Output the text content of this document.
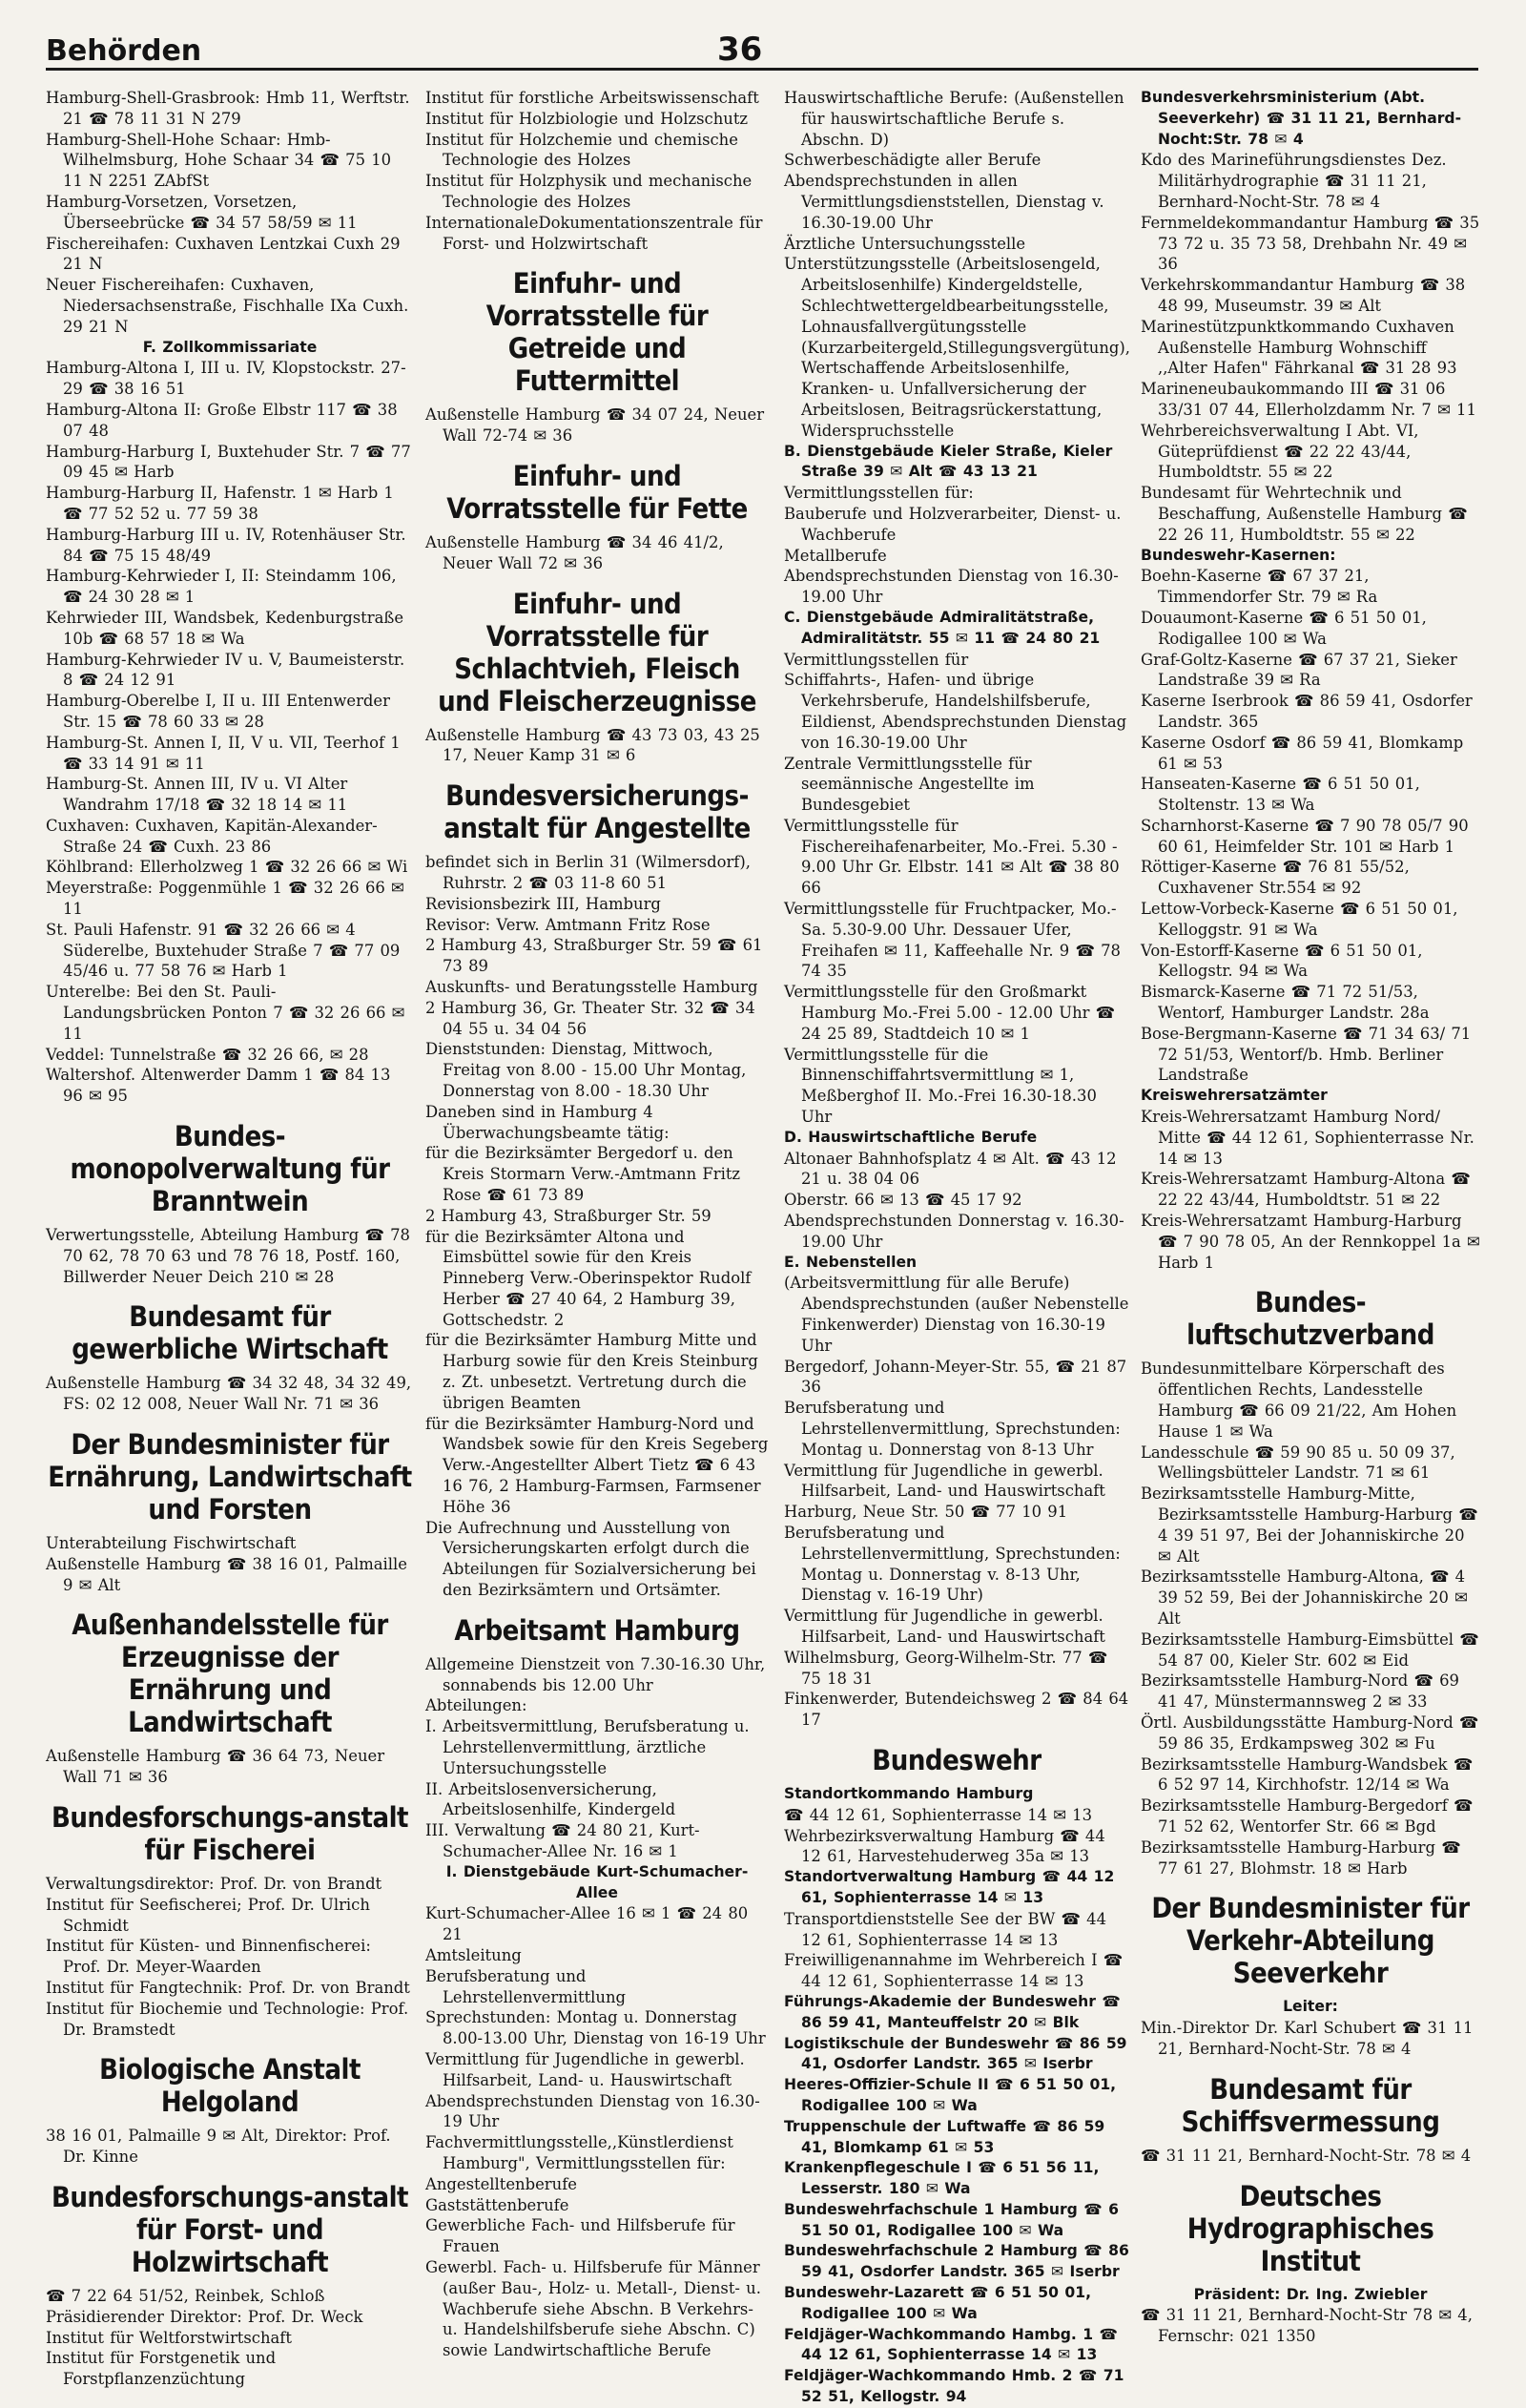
Behörden	36
Hamburg-Shell-Grasbrook: Hmb 11, Werftstr. 21 ☎ 78 11 31 N 279
Hamburg-Shell-Hohe Schaar: Hmb-Wilhelmsburg, Hohe Schaar 34 ☎ 75 10 11 N 2251 ZAbfSt
Hamburg-Vorsetzen, Vorsetzen, Überseebrücke ☎ 34 57 58/59 ✉ 11
Fischereihafen: Cuxhaven Lentzkai Cuxh 29 21 N
Neuer Fischereihafen: Cuxhaven, Niedersachsenstraße, Fischhalle IXa Cuxh. 29 21 N
F. Zollkommissariate
Hamburg-Altona I, III u. IV, Klopstockstr. 27-29 ☎ 38 16 51
Hamburg-Altona II: Große Elbstr 117 ☎ 38 07 48
Hamburg-Harburg I, Buxtehuder Str. 7 ☎ 77 09 45 ✉ Harb
Hamburg-Harburg II, Hafenstr. 1 ✉ Harb 1 ☎ 77 52 52 u. 77 59 38
Hamburg-Harburg III u. IV, Rotenhäuser Str. 84 ☎ 75 15 48/49
Hamburg-Kehrwieder I, II: Steindamm 106, ☎ 24 30 28 ✉ 1
Kehrwieder III, Wandsbek, Kedenburgstraße 10b ☎ 68 57 18 ✉ Wa
Hamburg-Kehrwieder IV u. V, Baumeisterstr. 8 ☎ 24 12 91
Hamburg-Oberelbe I, II u. III Entenwerder Str. 15 ☎ 78 60 33 ✉ 28
Hamburg-St. Annen I, II, V u. VII, Teerhof 1 ☎ 33 14 91 ✉ 11
Hamburg-St. Annen III, IV u. VI Alter Wandrahm 17/18 ☎ 32 18 14 ✉ 11
Cuxhaven: Cuxhaven, Kapitän-Alexander-Straße 24 ☎ Cuxh. 23 86
Köhlbrand: Ellerholzweg 1 ☎ 32 26 66 ✉ Wi
Meyerstraße: Poggenmühle 1 ☎ 32 26 66 ✉ 11
St. Pauli Hafenstr. 91 ☎ 32 26 66 ✉ 4 Süderelbe, Buxtehuder Straße 7 ☎ 77 09 45/46 u. 77 58 76 ✉ Harb 1
Unterelbe: Bei den St. Pauli-Landungsbrücken Ponton 7 ☎ 32 26 66 ✉ 11
Veddel: Tunnelstraße ☎ 32 26 66, ✉ 28
Waltershof. Altenwerder Damm 1 ☎ 84 13 96 ✉ 95
Bundes-monopolverwaltung für Branntwein
Verwertungsstelle, Abteilung Hamburg ☎ 78 70 62, 78 70 63 und 78 76 18, Postf. 160, Billwerder Neuer Deich 210 ✉ 28
Bundesamt für gewerbliche Wirtschaft
Außenstelle Hamburg ☎ 34 32 48, 34 32 49, FS: 02 12 008, Neuer Wall Nr. 71 ✉ 36
Der Bundesminister für Ernährung, Landwirtschaft und Forsten
Unterabteilung Fischwirtschaft
Außenstelle Hamburg ☎ 38 16 01, Palmaille 9 ✉ Alt
Außenhandelsstelle für Erzeugnisse der Ernährung und Landwirtschaft
Außenstelle Hamburg ☎ 36 64 73, Neuer Wall 71 ✉ 36
Bundesforschungs-anstalt für Fischerei
Verwaltungsdirektor: Prof. Dr. von Brandt
Institut für Seefischerei; Prof. Dr. Ulrich Schmidt
Institut für Küsten- und Binnenfischerei: Prof. Dr. Meyer-Waarden
Institut für Fangtechnik: Prof. Dr. von Brandt
Institut für Biochemie und Technologie: Prof. Dr. Bramstedt
Biologische Anstalt Helgoland
38 16 01, Palmaille 9 ✉ Alt, Direktor: Prof. Dr. Kinne
Bundesforschungs-anstalt für Forst- und Holzwirtschaft
☎ 7 22 64 51/52, Reinbek, Schloß
Präsidierender Direktor: Prof. Dr. Weck
Institut für Weltforstwirtschaft
Institut für Forstgenetik und Forstpflanzenzüchtung
Institut für forstliche Arbeitswissenschaft
Institut für Holzbiologie und Holzschutz
Institut für Holzchemie und chemische Technologie des Holzes
Institut für Holzphysik und mechanische Technologie des Holzes
InternationaleDokumentationszentrale für Forst- und Holzwirtschaft
Einfuhr- und Vorratsstelle für Getreide und Futtermittel
Außenstelle Hamburg ☎ 34 07 24, Neuer Wall 72-74 ✉ 36
Einfuhr- und Vorratsstelle für Fette
Außenstelle Hamburg ☎ 34 46 41/2, Neuer Wall 72 ✉ 36
Einfuhr- und Vorratsstelle für Schlachtvieh, Fleisch und Fleischerzeugnisse
Außenstelle Hamburg ☎ 43 73 03, 43 25 17, Neuer Kamp 31 ✉ 6
Bundesversicherungs-anstalt für Angestellte
befindet sich in Berlin 31 (Wilmersdorf), Ruhrstr. 2 ☎ 03 11-8 60 51
Revisionsbezirk III, Hamburg
Revisor: Verw. Amtmann Fritz Rose
2 Hamburg 43, Straßburger Str. 59 ☎ 61 73 89
Auskunfts- und Beratungsstelle Hamburg
2 Hamburg 36, Gr. Theater Str. 32 ☎ 34 04 55 u. 34 04 56
Dienststunden: Dienstag, Mittwoch, Freitag von 8.00 - 15.00 Uhr Montag, Donnerstag von 8.00 - 18.30 Uhr
Daneben sind in Hamburg 4 Überwachungsbeamte tätig:
für die Bezirksämter Bergedorf u. den Kreis Stormarn Verw.-Amtmann Fritz Rose ☎ 61 73 89
2 Hamburg 43, Straßburger Str. 59
für die Bezirksämter Altona und Eimsbüttel sowie für den Kreis Pinneberg Verw.-Oberinspektor Rudolf Herber ☎ 27 40 64, 2 Hamburg 39, Gottschedstr. 2
für die Bezirksämter Hamburg Mitte und Harburg sowie für den Kreis Steinburg z. Zt. unbesetzt. Vertretung durch die übrigen Beamten
für die Bezirksämter Hamburg-Nord und Wandsbek sowie für den Kreis Segeberg Verw.-Angestellter Albert Tietz ☎ 6 43 16 76, 2 Hamburg-Farmsen, Farmsener Höhe 36
Die Aufrechnung und Ausstellung von Versicherungskarten erfolgt durch die Abteilungen für Sozialversicherung bei den Bezirksämtern und Ortsämter.
Arbeitsamt Hamburg
Allgemeine Dienstzeit von 7.30-16.30 Uhr, sonnabends bis 12.00 Uhr
Abteilungen:
I. Arbeitsvermittlung, Berufsberatung u. Lehrstellenvermittlung, ärztliche Untersuchungsstelle
II. Arbeitslosenversicherung, Arbeitslosenhilfe, Kindergeld
III. Verwaltung ☎ 24 80 21, Kurt-Schumacher-Allee Nr. 16 ✉ 1
I. Dienstgebäude Kurt-Schumacher-Allee
Kurt-Schumacher-Allee 16 ✉ 1 ☎ 24 80 21
Amtsleitung
Berufsberatung und Lehrstellenvermittlung
Sprechstunden: Montag u. Donnerstag 8.00-13.00 Uhr, Dienstag von 16-19 Uhr
Vermittlung für Jugendliche in gewerbl. Hilfsarbeit, Land- u. Hauswirtschaft
Abendsprechstunden Dienstag von 16.30-19 Uhr
Fachvermittlungsstelle,,Künstlerdienst Hamburg", Vermittlungsstellen für:
Angestelltenberufe
Gaststättenberufe
Gewerbliche Fach- und Hilfsberufe für Frauen
Gewerbl. Fach- u. Hilfsberufe für Männer (außer Bau-, Holz- u. Metall-, Dienst- u. Wachberufe siehe Abschn. B Verkehrs- u. Handelshilfsberufe siehe Abschn. C) sowie Landwirtschaftliche Berufe
Hauswirtschaftliche Berufe: (Außenstellen für hauswirtschaftliche Berufe s. Abschn. D)
Schwerbeschädigte aller Berufe
Abendsprechstunden in allen Vermittlungsdienststellen, Dienstag v. 16.30-19.00 Uhr
Ärztliche Untersuchungsstelle
Unterstützungsstelle (Arbeitslosengeld, Arbeitslosenhilfe) Kindergeldstelle, Schlechtwettergeldbearbeitungsstelle, Lohnausfallvergütungsstelle (Kurzarbeitergeld,Stillegungsvergütung), Wertschaffende Arbeitslosenhilfe, Kranken- u. Unfallversicherung der Arbeitslosen, Beitragsrückerstattung, Widerspruchsstelle
B. Dienstgebäude Kieler Straße, Kieler Straße 39 ✉ Alt ☎ 43 13 21
Vermittlungsstellen für:
Bauberufe und Holzverarbeiter, Dienst- u. Wachberufe
Metallberufe
Abendsprechstunden Dienstag von 16.30-19.00 Uhr
C. Dienstgebäude Admiralitätstraße, Admiralitätstr. 55 ✉ 11 ☎ 24 80 21
Vermittlungsstellen für
Schiffahrts-, Hafen- und übrige Verkehrsberufe, Handelshilfsberufe, Eildienst, Abendsprechstunden Dienstag von 16.30-19.00 Uhr
Zentrale Vermittlungsstelle für seemännische Angestellte im Bundesgebiet
Vermittlungsstelle für Fischereihafenarbeiter, Mo.-Frei. 5.30 - 9.00 Uhr Gr. Elbstr. 141 ✉ Alt ☎ 38 80 66
Vermittlungsstelle für Fruchtpacker, Mo.-Sa. 5.30-9.00 Uhr. Dessauer Ufer, Freihafen ✉ 11, Kaffeehalle Nr. 9 ☎ 78 74 35
Vermittlungsstelle für den Großmarkt Hamburg Mo.-Frei 5.00 - 12.00 Uhr ☎ 24 25 89, Stadtdeich 10 ✉ 1
Vermittlungsstelle für die Binnenschiffahrtsvermittlung ✉ 1, Meßberghof II. Mo.-Frei 16.30-18.30 Uhr
D. Hauswirtschaftliche Berufe
Altonaer Bahnhofsplatz 4 ✉ Alt. ☎ 43 12 21 u. 38 04 06
Oberstr. 66 ✉ 13 ☎ 45 17 92
Abendsprechstunden Donnerstag v. 16.30-19.00 Uhr
E. Nebenstellen
(Arbeitsvermittlung für alle Berufe) Abendsprechstunden (außer Nebenstelle Finkenwerder) Dienstag von 16.30-19 Uhr
Bergedorf, Johann-Meyer-Str. 55, ☎ 21 87 36
Berufsberatung und Lehrstellenvermittlung, Sprechstunden: Montag u. Donnerstag von 8-13 Uhr
Vermittlung für Jugendliche in gewerbl. Hilfsarbeit, Land- und Hauswirtschaft
Harburg, Neue Str. 50 ☎ 77 10 91
Berufsberatung und Lehrstellenvermittlung, Sprechstunden: Montag u. Donnerstag v. 8-13 Uhr, Dienstag v. 16-19 Uhr)
Vermittlung für Jugendliche in gewerbl. Hilfsarbeit, Land- und Hauswirtschaft
Wilhelmsburg, Georg-Wilhelm-Str. 77 ☎ 75 18 31
Finkenwerder, Butendeichsweg 2 ☎ 84 64 17
Bundeswehr
Standortkommando Hamburg
☎ 44 12 61, Sophienterrasse 14 ✉ 13
Wehrbezirksverwaltung Hamburg ☎ 44 12 61, Harvestehuderweg 35a ✉ 13
Standortverwaltung Hamburg ☎ 44 12 61, Sophienterrasse 14 ✉ 13
Transportdienststelle See der BW ☎ 44 12 61, Sophienterrasse 14 ✉ 13
Freiwilligenannahme im Wehrbereich I ☎ 44 12 61, Sophienterrasse 14 ✉ 13
Führungs-Akademie der Bundeswehr ☎ 86 59 41, Manteuffelstr 20 ✉ Blk
Logistikschule der Bundeswehr ☎ 86 59 41, Osdorfer Landstr. 365 ✉ Iserbr
Heeres-Offizier-Schule II ☎ 6 51 50 01, Rodigallee 100 ✉ Wa
Truppenschule der Luftwaffe ☎ 86 59 41, Blomkamp 61 ✉ 53
Krankenpflegeschule I ☎ 6 51 56 11, Lesserstr. 180 ✉ Wa
Bundeswehrfachschule 1 Hamburg ☎ 6 51 50 01, Rodigallee 100 ✉ Wa
Bundeswehrfachschule 2 Hamburg ☎ 86 59 41, Osdorfer Landstr. 365 ✉ Iserbr
Bundeswehr-Lazarett ☎ 6 51 50 01, Rodigallee 100 ✉ Wa
Feldjäger-Wachkommando Hambg. 1 ☎ 44 12 61, Sophienterrasse 14 ✉ 13
Feldjäger-Wachkommando Hmb. 2 ☎ 71 52 51, Kellogstr. 94
Bundesverkehrsministerium (Abt. Seeverkehr) ☎ 31 11 21, Bernhard-Nocht:Str. 78 ✉ 4
Kdo des Marineführungsdienstes Dez. Militärhydrographie ☎ 31 11 21, Bernhard-Nocht-Str. 78 ✉ 4
Fernmeldekommandantur Hamburg ☎ 35 73 72 u. 35 73 58, Drehbahn Nr. 49 ✉ 36
Verkehrskommandantur Hamburg ☎ 38 48 99, Museumstr. 39 ✉ Alt
Marinestützpunktkommando Cuxhaven Außenstelle Hamburg Wohnschiff ,,Alter Hafen" Fährkanal ☎ 31 28 93
Marineneubaukommando III ☎ 31 06 33/31 07 44, Ellerholzdamm Nr. 7 ✉ 11
Wehrbereichsverwaltung I Abt. VI, Güteprüfdienst ☎ 22 22 43/44, Humboldtstr. 55 ✉ 22
Bundesamt für Wehrtechnik und Beschaffung, Außenstelle Hamburg ☎ 22 26 11, Humboldtstr. 55 ✉ 22
Bundeswehr-Kasernen:
Boehn-Kaserne ☎ 67 37 21, Timmendorfer Str. 79 ✉ Ra
Douaumont-Kaserne ☎ 6 51 50 01, Rodigallee 100 ✉ Wa
Graf-Goltz-Kaserne ☎ 67 37 21, Sieker Landstraße 39 ✉ Ra
Kaserne Iserbrook ☎ 86 59 41, Osdorfer Landstr. 365
Kaserne Osdorf ☎ 86 59 41, Blomkamp 61 ✉ 53
Hanseaten-Kaserne ☎ 6 51 50 01, Stoltenstr. 13 ✉ Wa
Scharnhorst-Kaserne ☎ 7 90 78 05/7 90 60 61, Heimfelder Str. 101 ✉ Harb 1
Röttiger-Kaserne ☎ 76 81 55/52, Cuxhavener Str.554 ✉ 92
Lettow-Vorbeck-Kaserne ☎ 6 51 50 01, Kelloggstr. 91 ✉ Wa
Von-Estorff-Kaserne ☎ 6 51 50 01, Kellogstr. 94 ✉ Wa
Bismarck-Kaserne ☎ 71 72 51/53, Wentorf, Hamburger Landstr. 28a
Bose-Bergmann-Kaserne ☎ 71 34 63/ 71 72 51/53, Wentorf/b. Hmb. Berliner Landstraße
Kreiswehrersatzämter
Kreis-Wehrersatzamt Hamburg Nord/ Mitte ☎ 44 12 61, Sophienterrasse Nr. 14 ✉ 13
Kreis-Wehrersatzamt Hamburg-Altona ☎ 22 22 43/44, Humboldtstr. 51 ✉ 22
Kreis-Wehrersatzamt Hamburg-Harburg ☎ 7 90 78 05, An der Rennkoppel 1a ✉ Harb 1
Bundes-luftschutzverband
Bundesunmittelbare Körperschaft des öffentlichen Rechts, Landesstelle Hamburg ☎ 66 09 21/22, Am Hohen Hause 1 ✉ Wa
Landesschule ☎ 59 90 85 u. 50 09 37, Wellingsbütteler Landstr. 71 ✉ 61
Bezirksamtsstelle Hamburg-Mitte, Bezirksamtsstelle Hamburg-Harburg ☎ 4 39 51 97, Bei der Johanniskirche 20 ✉ Alt
Bezirksamtsstelle Hamburg-Altona, ☎ 4 39 52 59, Bei der Johanniskirche 20 ✉ Alt
Bezirksamtsstelle Hamburg-Eimsbüttel ☎ 54 87 00, Kieler Str. 602 ✉ Eid
Bezirksamtsstelle Hamburg-Nord ☎ 69 41 47, Münstermannsweg 2 ✉ 33
Örtl. Ausbildungsstätte Hamburg-Nord ☎ 59 86 35, Erdkampsweg 302 ✉ Fu
Bezirksamtsstelle Hamburg-Wandsbek ☎ 6 52 97 14, Kirchhofstr. 12/14 ✉ Wa
Bezirksamtsstelle Hamburg-Bergedorf ☎ 71 52 62, Wentorfer Str. 66 ✉ Bgd
Bezirksamtsstelle Hamburg-Harburg ☎ 77 61 27, Blohmstr. 18 ✉ Harb
Der Bundesminister für Verkehr-Abteilung Seeverkehr
Leiter:
Min.-Direktor Dr. Karl Schubert ☎ 31 11 21, Bernhard-Nocht-Str. 78 ✉ 4
Bundesamt für Schiffsvermessung
☎ 31 11 21, Bernhard-Nocht-Str. 78 ✉ 4
Deutsches Hydrographisches Institut
Präsident: Dr. Ing. Zwiebler
☎ 31 11 21, Bernhard-Nocht-Str 78 ✉ 4, Fernschr: 021 1350
